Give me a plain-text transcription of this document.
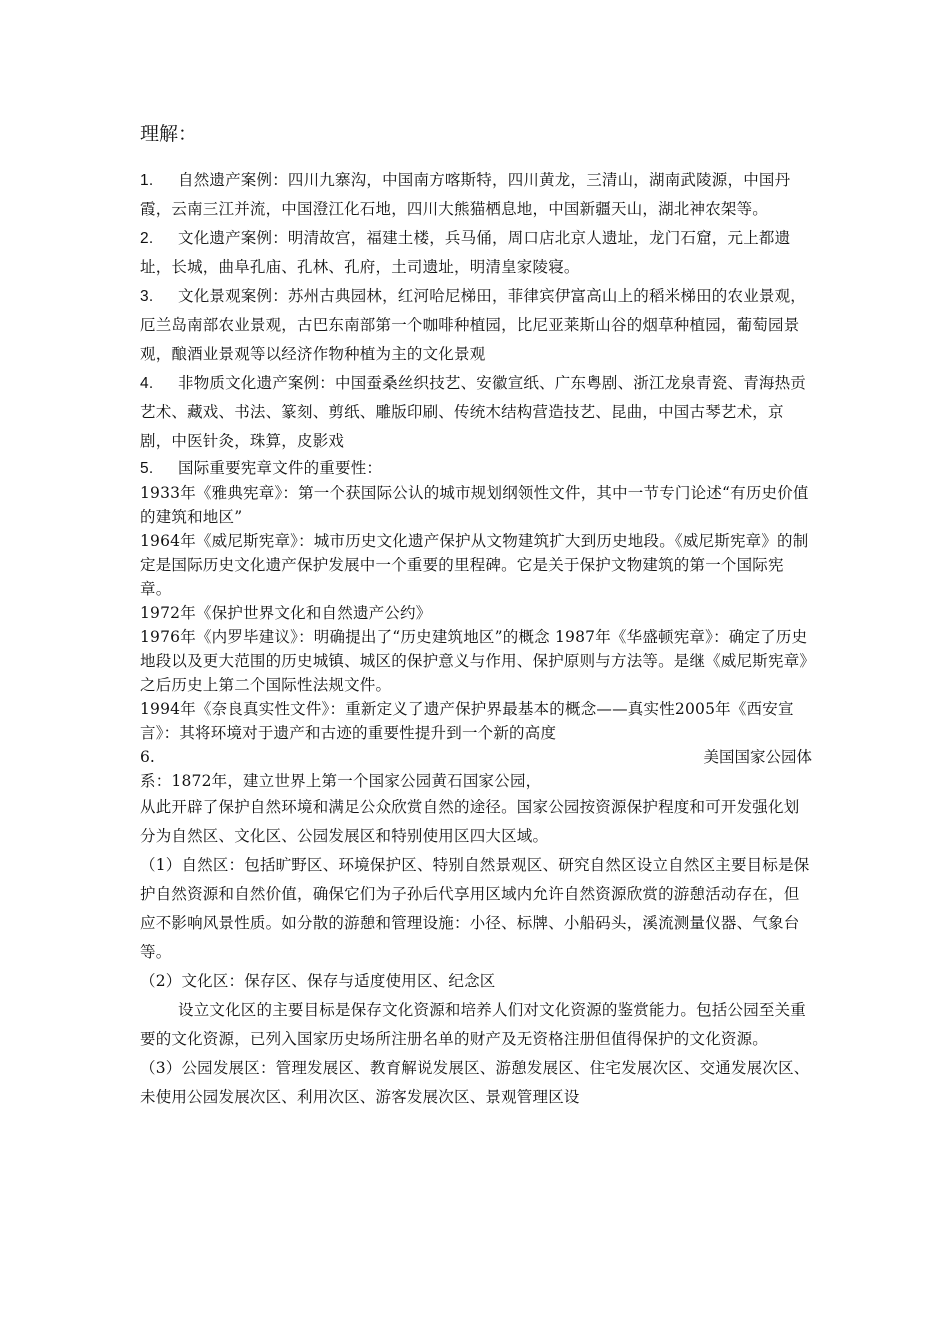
理解：

1. 自然遗产案例：四川九寨沟，中国南方喀斯特，四川黄龙，三清山，湖南武陵源，中国丹霞，云南三江并流，中国澄江化石地，四川大熊猫栖息地，中国新疆天山，湖北神农架等。

2. 文化遗产案例：明清故宫，福建土楼，兵马俑，周口店北京人遗址，龙门石窟，元上都遗址，长城，曲阜孔庙、孔林、孔府，土司遗址，明清皇家陵寝。

3. 文化景观案例：苏州古典园林，红河哈尼梯田，菲律宾伊富高山上的稻米梯田的农业景观，厄兰岛南部农业景观，古巴东南部第一个咖啡种植园，比尼亚莱斯山谷的烟草种植园，葡萄园景观，酿酒业景观等以经济作物种植为主的文化景观

4. 非物质文化遗产案例：中国蚕桑丝织技艺、安徽宣纸、广东粤剧、浙江龙泉青瓷、青海热贡艺术、藏戏、书法、篆刻、剪纸、雕版印刷、传统木结构营造技艺、昆曲，中国古琴艺术，京剧，中医针灸，珠算，皮影戏

5. 国际重要宪章文件的重要性：

1933年《雅典宪章》：第一个获国际公认的城市规划纲领性文件，其中一节专门论述“有历史价值的建筑和地区”

1964年《威尼斯宪章》：城市历史文化遗产保护从文物建筑扩大到历史地段。《威尼斯宪章》的制定是国际历史文化遗产保护发展中一个重要的里程碑。它是关于保护文物建筑的第一个国际宪章。

1972年《保护世界文化和自然遗产公约》

1976年《内罗毕建议》：明确提出了“历史建筑地区”的概念 1987年《华盛顿宪章》：确定了历史地段以及更大范围的历史城镇、城区的保护意义与作用、保护原则与方法等。是继《威尼斯宪章》之后历史上第二个国际性法规文件。

1994年《奈良真实性文件》：重新定义了遗产保护界最基本的概念——真实性2005年《西安宣言》：其将环境对于遗产和古迹的重要性提升到一个新的高度

6.	美国国家公园体

系：1872年，建立世界上第一个国家公园黄石国家公园，

从此开辟了保护自然环境和满足公众欣赏自然的途径。国家公园按资源保护程度和可开发强化划分为自然区、文化区、公园发展区和特别使用区四大区域。

（1）自然区：包括旷野区、环境保护区、特别自然景观区、研究自然区设立自然区主要目标是保护自然资源和自然价值，确保它们为子孙后代享用区域内允许自然资源欣赏的游憩活动存在，但应不影响风景性质。如分散的游憩和管理设施：小径、标牌、小船码头，溪流测量仪器、气象台等。

（2）文化区：保存区、保存与适度使用区、纪念区

设立文化区的主要目标是保存文化资源和培养人们对文化资源的鉴赏能力。包括公园至关重要的文化资源，已列入国家历史场所注册名单的财产及无资格注册但值得保护的文化资源。

（3）公园发展区：管理发展区、教育解说发展区、游憩发展区、住宅发展次区、交通发展次区、未使用公园发展次区、利用次区、游客发展次区、景观管理区设
